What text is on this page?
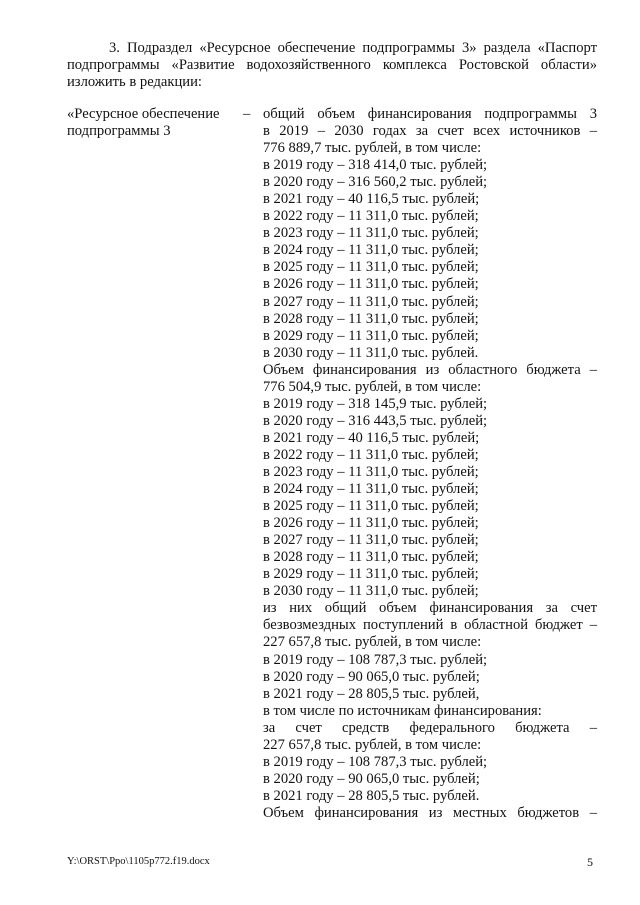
3. Подраздел «Ресурсное обеспечение подпрограммы 3» раздела «Паспорт
подпрограммы «Развитие водохозяйственного комплекса Ростовской области»
изложить в редакции:

«Ресурсное обеспечение
подпрограммы 3

– общий объем финансирования подпрограммы 3
в 2019 – 2030 годах за счет всех источников –
776 889,7 тыс. рублей, в том числе:
в 2019 году – 318 414,0 тыс. рублей;
в 2020 году – 316 560,2 тыс. рублей;
в 2021 году – 40 116,5 тыс. рублей;
в 2022 году – 11 311,0 тыс. рублей;
в 2023 году – 11 311,0 тыс. рублей;
в 2024 году – 11 311,0 тыс. рублей;
в 2025 году – 11 311,0 тыс. рублей;
в 2026 году – 11 311,0 тыс. рублей;
в 2027 году – 11 311,0 тыс. рублей;
в 2028 году – 11 311,0 тыс. рублей;
в 2029 году – 11 311,0 тыс. рублей;
в 2030 году – 11 311,0 тыс. рублей.
Объем финансирования из областного бюджета –
776 504,9 тыс. рублей, в том числе:
в 2019 году – 318 145,9 тыс. рублей;
в 2020 году – 316 443,5 тыс. рублей;
в 2021 году – 40 116,5 тыс. рублей;
в 2022 году – 11 311,0 тыс. рублей;
в 2023 году – 11 311,0 тыс. рублей;
в 2024 году – 11 311,0 тыс. рублей;
в 2025 году – 11 311,0 тыс. рублей;
в 2026 году – 11 311,0 тыс. рублей;
в 2027 году – 11 311,0 тыс. рублей;
в 2028 году – 11 311,0 тыс. рублей;
в 2029 году – 11 311,0 тыс. рублей;
в 2030 году – 11 311,0 тыс. рублей;
из них общий объем финансирования за счет
безвозмездных поступлений в областной бюджет –
227 657,8 тыс. рублей, в том числе:
в 2019 году – 108 787,3 тыс. рублей;
в 2020 году – 90 065,0 тыс. рублей;
в 2021 году – 28 805,5 тыс. рублей,
в том числе по источникам финансирования:
за счет средств федерального бюджета –
227 657,8 тыс. рублей, в том числе:
в 2019 году – 108 787,3 тыс. рублей;
в 2020 году – 90 065,0 тыс. рублей;
в 2021 году – 28 805,5 тыс. рублей.
Объем финансирования из местных бюджетов –
Y:\ORST\Ppo\1105p772.f19.docx	5
